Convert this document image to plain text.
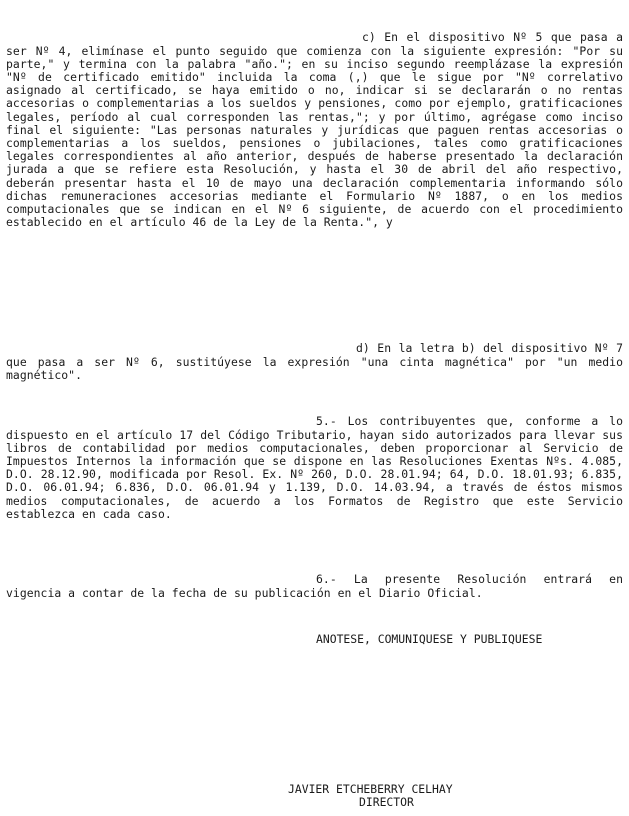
c) En el dispositivo Nº 5 que pasa a ser Nº 4, elimínase el punto seguido que comienza con la siguiente expresión: "Por su parte," y termina con la palabra "año."; en su inciso segundo reemplázase la expresión "Nº de certificado emitido" incluida la coma (,) que le sigue por "Nº correlativo asignado al certificado, se haya emitido o no, indicar si se declararán o no rentas accesorias o complementarias a los sueldos y pensiones, como por ejemplo, gratificaciones legales, período al cual corresponden las rentas,"; y por último, agrégase como inciso final el siguiente: "Las personas naturales y jurídicas que paguen rentas accesorias o complementarias a los sueldos, pensiones o jubilaciones, tales como gratificaciones legales correspondientes al año anterior, después de haberse presentado la declaración jurada a que se refiere esta Resolución, y hasta el 30 de abril del año respectivo, deberán presentar hasta el 10 de mayo una declaración complementaria informando sólo dichas remuneraciones accesorias mediante el Formulario Nº 1887, o en los medios computacionales que se indican en el Nº 6 siguiente, de acuerdo con el procedimiento establecido en el artículo 46 de la Ley de la Renta.", y

d) En la letra b) del dispositivo Nº 7 que pasa a ser Nº 6, sustitúyese la expresión "una cinta magnética" por "un medio magnético".

5.- Los contribuyentes que, conforme a lo dispuesto en el artículo 17 del Código Tributario, hayan sido autorizados para llevar sus libros de contabilidad por medios computacionales, deben proporcionar al Servicio de Impuestos Internos la información que se dispone en las Resoluciones Exentas Nºs. 4.085, D.O. 28.12.90, modificada por Resol. Ex. Nº 260, D.O. 28.01.94; 64, D.O. 18.01.93; 6.835, D.O. 06.01.94; 6.836, D.O. 06.01.94 y 1.139, D.O. 14.03.94, a través de éstos mismos medios computacionales, de acuerdo a los Formatos de Registro que este Servicio establezca en cada caso.

6.- La presente Resolución entrará en vigencia a contar de la fecha de su publicación en el Diario Oficial.

ANOTESE, COMUNIQUESE Y PUBLIQUESE
JAVIER ETCHEBERRY CELHAY
DIRECTOR
